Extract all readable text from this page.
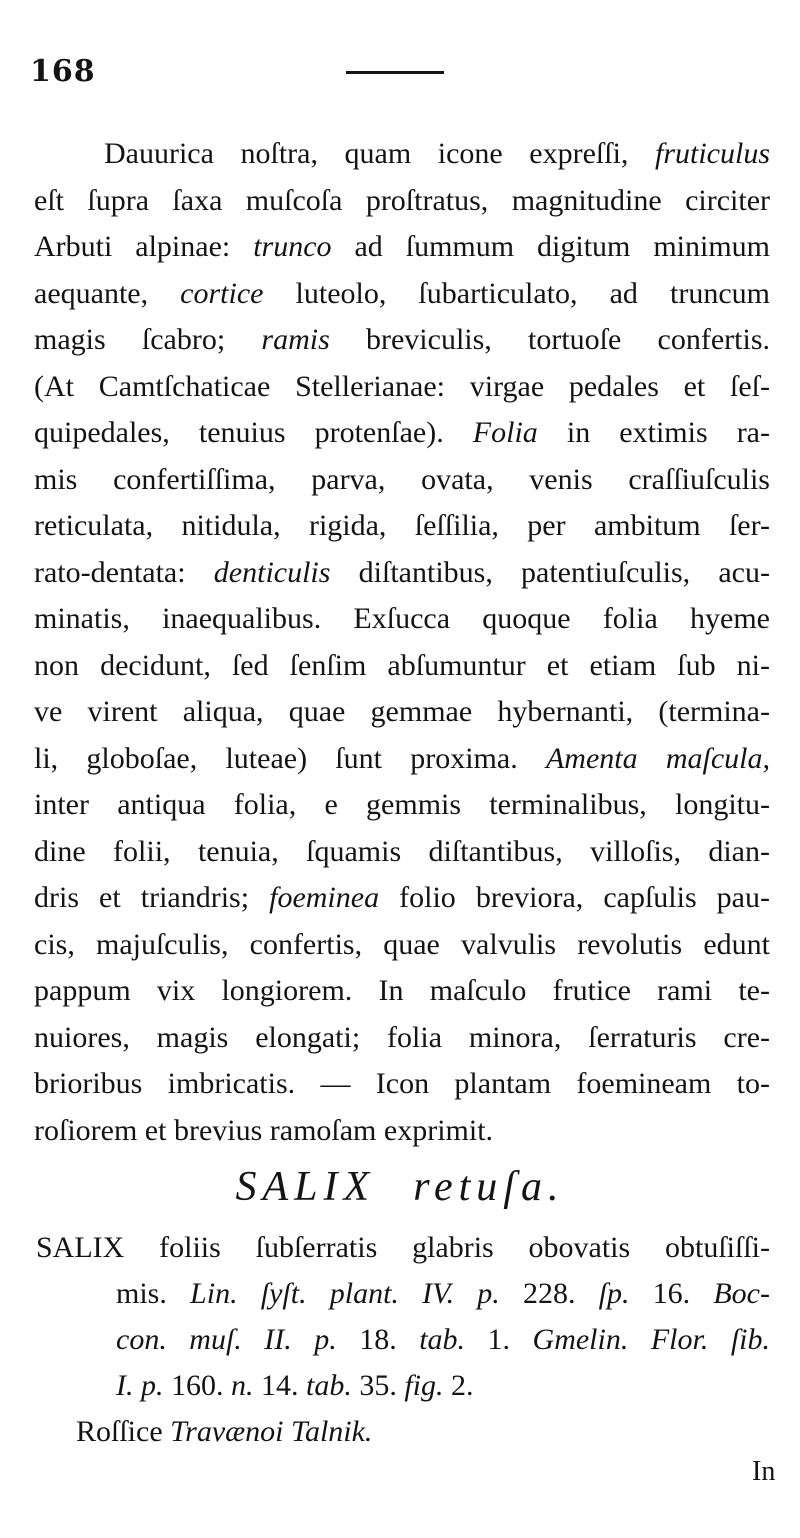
168
Dauurica noſtra, quam icone expreſſi, fruticulus
eſt ſupra ſaxa muſcoſa proſtratus, magnitudine circiter
Arbuti alpinae: trunco ad ſummum digitum minimum
aequante, cortice luteolo, ſubarticulato, ad truncum
magis ſcabro; ramis breviculis, tortuoſe confertis.
(At Camtſchaticae Stellerianae: virgae pedales et ſeſ-
quipedales, tenuius protenſae). Folia in extimis ra-
mis confertiſſima, parva, ovata, venis craſſiuſculis
reticulata, nitidula, rigida, ſeſſilia, per ambitum ſer-
rato-dentata: denticulis diſtantibus, patentiuſculis, acu-
minatis, inaequalibus. Exſucca quoque folia hyeme
non decidunt, ſed ſenſim abſumuntur et etiam ſub ni-
ve virent aliqua, quae gemmae hybernanti, (termina-
li, globoſae, luteae) ſunt proxima. Amenta maſcula,
inter antiqua folia, e gemmis terminalibus, longitu-
dine folii, tenuia, ſquamis diſtantibus, villoſis, dian-
dris et triandris; foeminea folio breviora, capſulis pau-
cis, majuſculis, confertis, quae valvulis revolutis edunt
pappum vix longiorem. In maſculo frutice rami te-
nuiores, magis elongati; folia minora, ſerraturis cre-
brioribus imbricatis. — Icon plantam foemineam to-
roſiorem et brevius ramoſam exprimit.
SALIX retuſa.
SALIX foliis ſubſerratis glabris obovatis obtuſiſſi-
mis. Lin. ſyſt. plant. IV. p. 228. ſp. 16. Boc-
con. muſ. II. p. 18. tab. 1. Gmelin. Flor. ſib.
I. p. 160. n. 14. tab. 35. fig. 2.
Roſſice Travænoi Talnik.
In
